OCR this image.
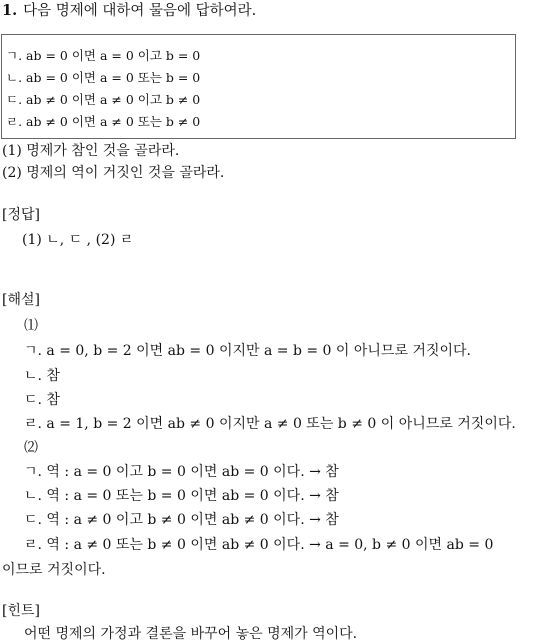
1. 다음 명제에 대하여 물음에 답하여라.
ㄱ. ab = 0 이면 a = 0 이고 b = 0
ㄴ. ab = 0 이면 a = 0 또는 b = 0
ㄷ. ab ≠ 0 이면 a ≠ 0 이고 b ≠ 0
ㄹ. ab ≠ 0 이면 a ≠ 0 또는 b ≠ 0
(1) 명제가 참인 것을 골라라.
(2) 명제의 역이 거짓인 것을 골라라.
[정답]
(1) ㄴ, ㄷ , (2) ㄹ
[해설]
⑴
ㄱ. a = 0, b = 2 이면 ab = 0 이지만 a = b = 0 이 아니므로 거짓이다.
ㄴ. 참
ㄷ. 참
ㄹ. a = 1, b = 2 이면 ab ≠ 0 이지만 a ≠ 0 또는 b ≠ 0 이 아니므로 거짓이다.
⑵
ㄱ. 역 : a = 0 이고 b = 0 이면 ab = 0 이다. → 참
ㄴ. 역 : a = 0 또는 b = 0 이면 ab = 0 이다. → 참
ㄷ. 역 : a ≠ 0 이고 b ≠ 0 이면 ab ≠ 0 이다. → 참
ㄹ. 역 : a ≠ 0 또는 b ≠ 0 이면 ab ≠ 0 이다. → a = 0, b ≠ 0 이면 ab = 0
이므로 거짓이다.
[힌트]
어떤 명제의 가정과 결론을 바꾸어 놓은 명제가 역이다.
